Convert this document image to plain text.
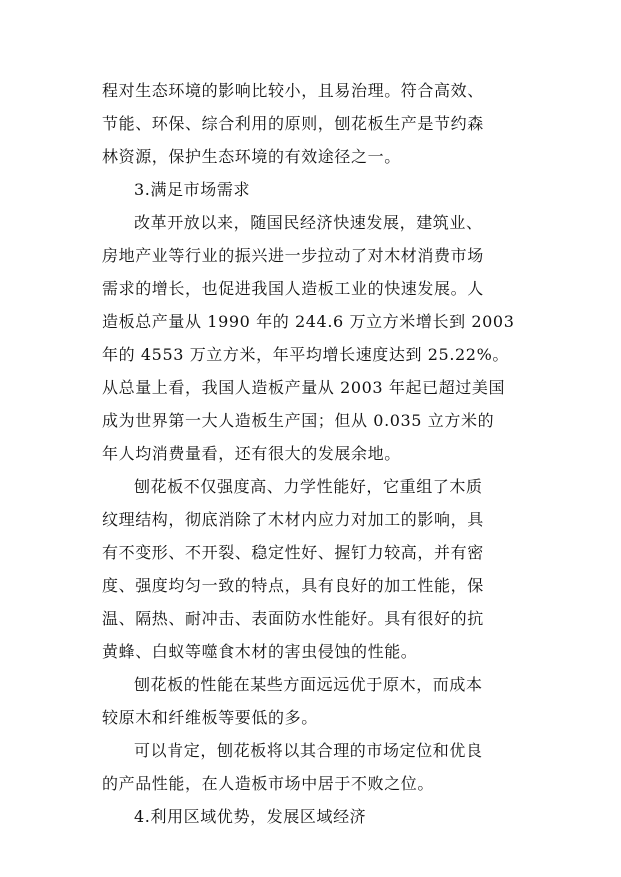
程对生态环境的影响比较小，且易治理。符合高效、
节能、环保、综合利用的原则，刨花板生产是节约森
林资源，保护生态环境的有效途径之一。
3.满足市场需求
改革开放以来，随国民经济快速发展，建筑业、
房地产业等行业的振兴进一步拉动了对木材消费市场
需求的增长，也促进我国人造板工业的快速发展。人
造板总产量从 1990 年的 244.6 万立方米增长到 2003
年的 4553 万立方米，年平均增长速度达到 25.22%。
从总量上看，我国人造板产量从 2003 年起已超过美国
成为世界第一大人造板生产国；但从 0.035 立方米的
年人均消费量看，还有很大的发展余地。
刨花板不仅强度高、力学性能好，它重组了木质
纹理结构，彻底消除了木材内应力对加工的影响，具
有不变形、不开裂、稳定性好、握钉力较高，并有密
度、强度均匀一致的特点，具有良好的加工性能，保
温、隔热、耐冲击、表面防水性能好。具有很好的抗
黄蜂、白蚁等噬食木材的害虫侵蚀的性能。
刨花板的性能在某些方面远远优于原木，而成本
较原木和纤维板等要低的多。
可以肯定，刨花板将以其合理的市场定位和优良
的产品性能，在人造板市场中居于不败之位。
4.利用区域优势，发展区域经济
